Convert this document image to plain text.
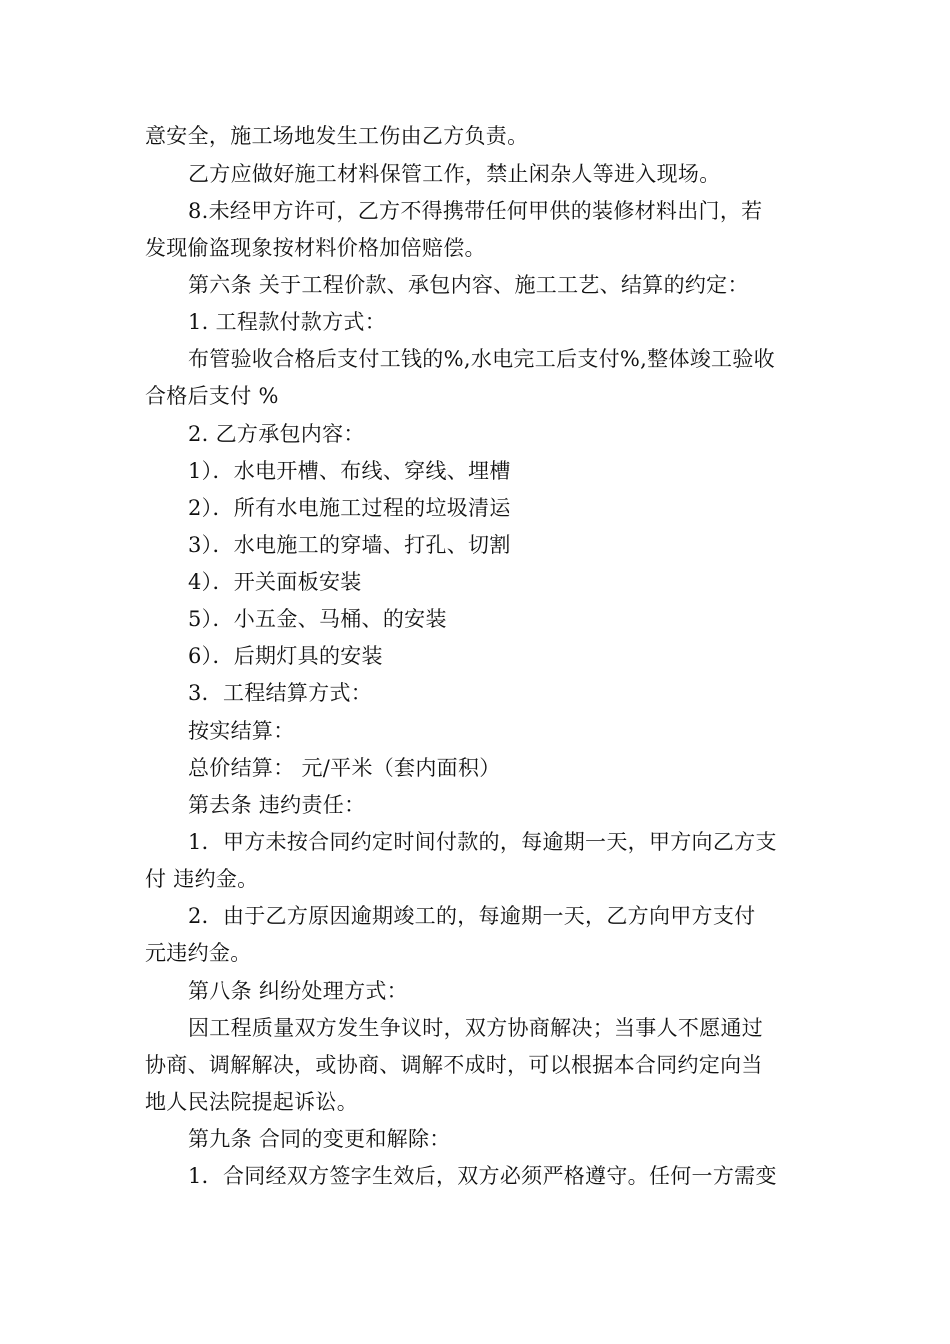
意安全，施工场地发生工伤由乙方负责。
乙方应做好施工材料保管工作，禁止闲杂人等进入现场。
8.未经甲方许可，乙方不得携带任何甲供的装修材料出门，若
发现偷盗现象按材料价格加倍赔偿。
第六条 关于工程价款、承包内容、施工工艺、结算的约定：
1. 工程款付款方式：
布管验收合格后支付工钱的%,水电完工后支付%,整体竣工验收
合格后支付 %
2. 乙方承包内容：
1）．水电开槽、布线、穿线、埋槽
2）．所有水电施工过程的垃圾清运
3）．水电施工的穿墙、打孔、切割
4）．开关面板安装
5）．小五金、马桶、的安装
6）．后期灯具的安装
3．工程结算方式：
按实结算：
总价结算： 元/平米（套内面积）
第去条 违约责任：
1．甲方未按合同约定时间付款的，每逾期一天，甲方向乙方支
付 违约金。
2．由于乙方原因逾期竣工的，每逾期一天，乙方向甲方支付
元违约金。
第八条 纠纷处理方式：
因工程质量双方发生争议时，双方协商解决；当事人不愿通过
协商、调解解决，或协商、调解不成时，可以根据本合同约定向当
地人民法院提起诉讼。
第九条 合同的变更和解除：
1．合同经双方签字生效后，双方必须严格遵守。任何一方需变
